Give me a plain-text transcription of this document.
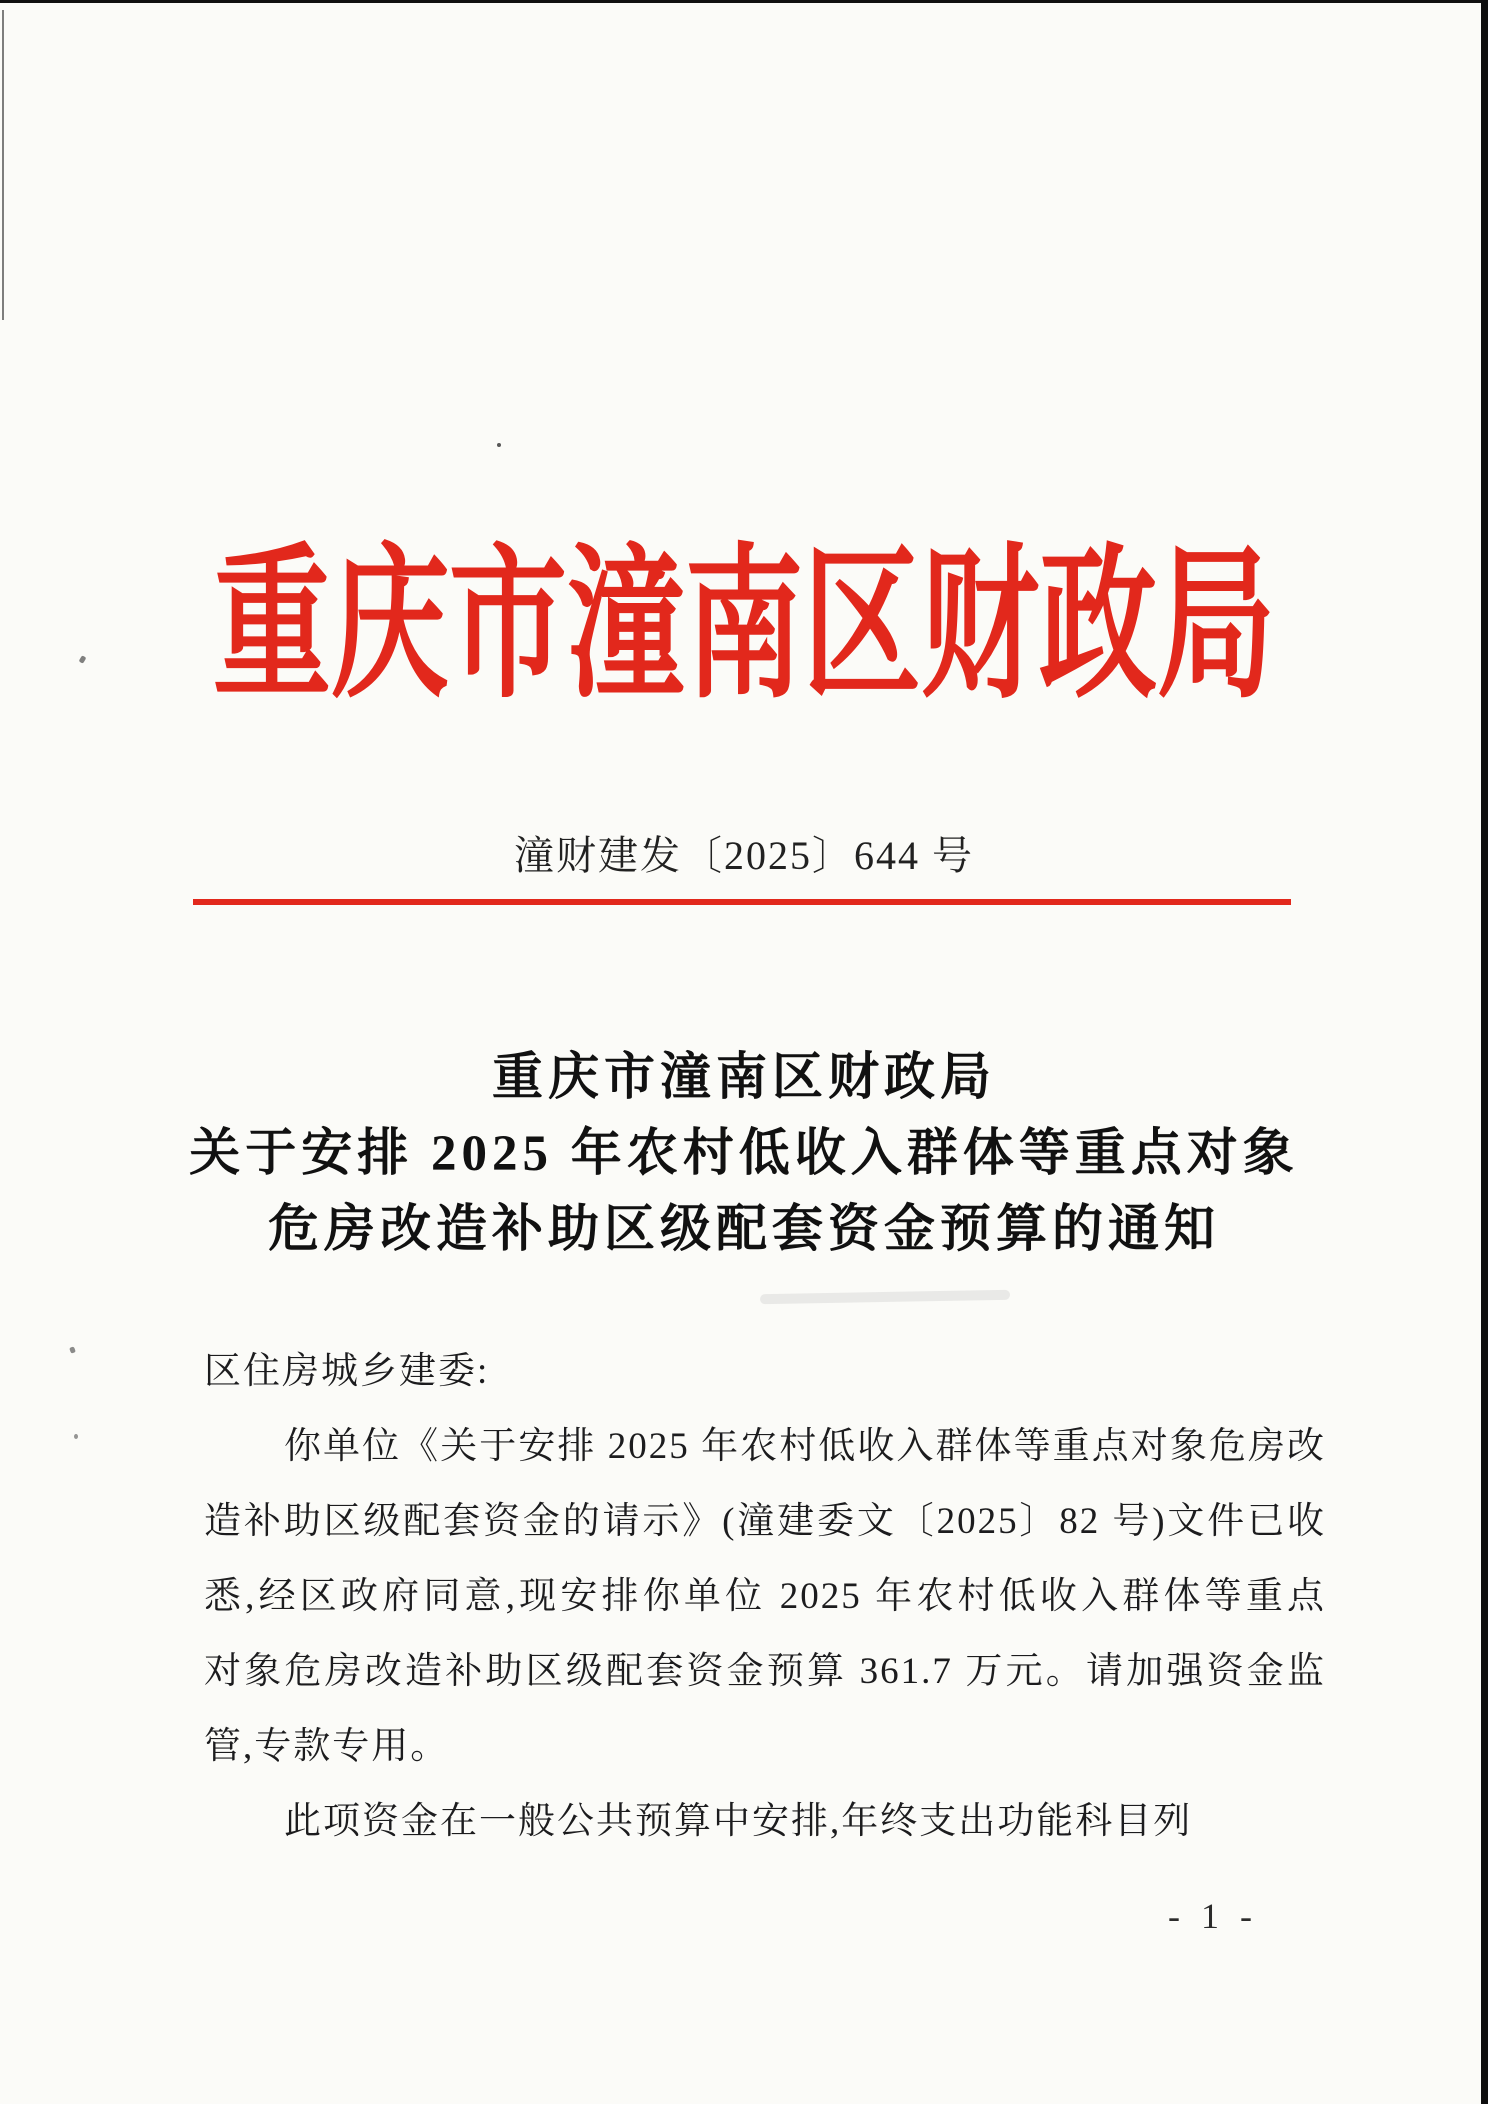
重庆市潼南区财政局
潼财建发〔2025〕644 号
重庆市潼南区财政局
关于安排 2025 年农村低收入群体等重点对象
危房改造补助区级配套资金预算的通知
区住房城乡建委:
你单位《关于安排 2025 年农村低收入群体等重点对象危房改
造补助区级配套资金的请示》(潼建委文〔2025〕82 号)文件已收
悉,经区政府同意,现安排你单位 2025 年农村低收入群体等重点
对象危房改造补助区级配套资金预算 361.7 万元。请加强资金监
管,专款专用。
此项资金在一般公共预算中安排,年终支出功能科目列
- 1 -
